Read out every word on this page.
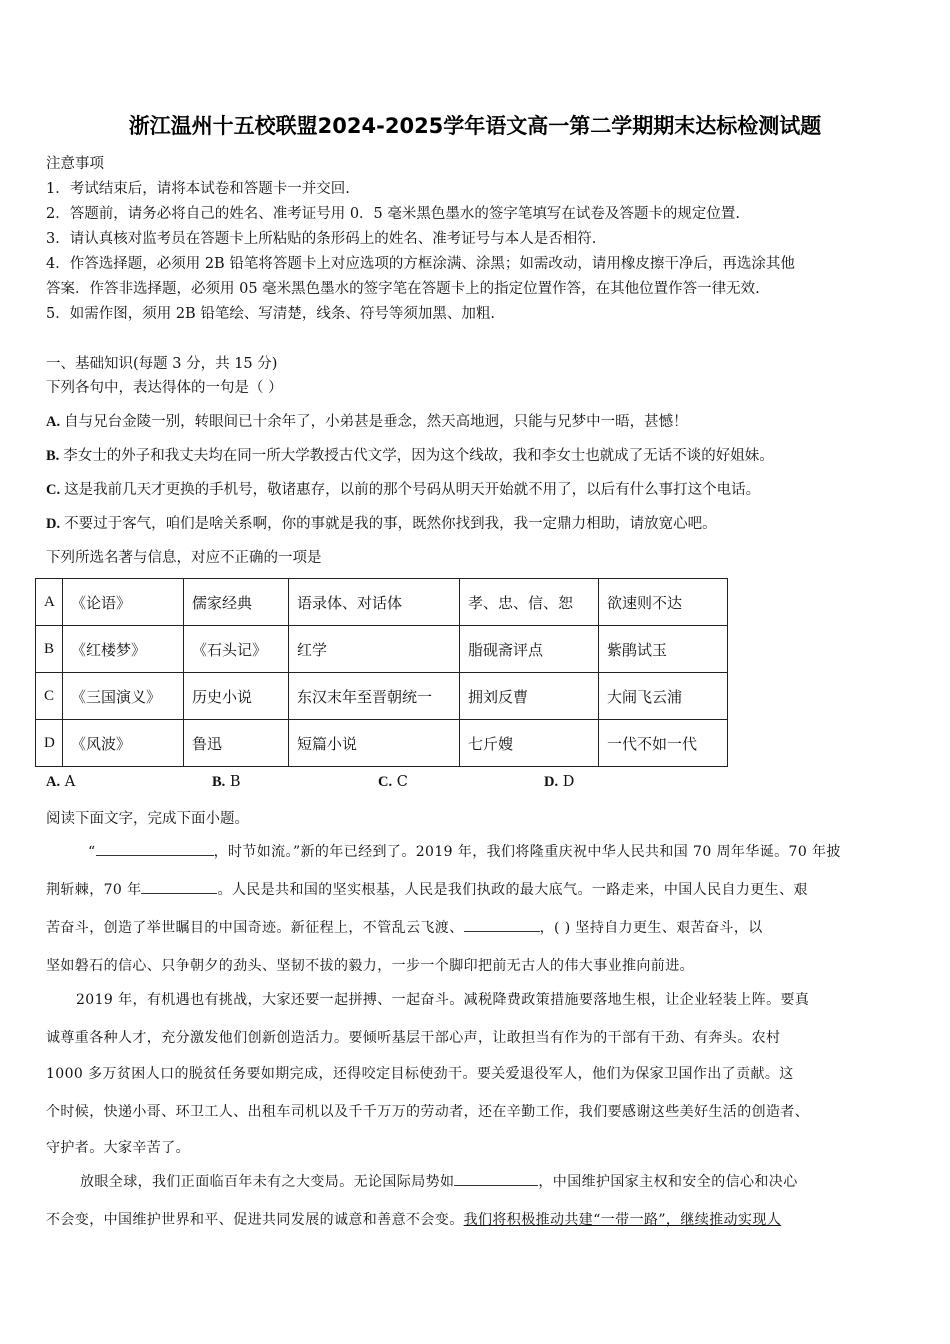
浙江温州十五校联盟2024-2025学年语文高一第二学期期末达标检测试题
注意事项
1．考试结束后，请将本试卷和答题卡一并交回.
2．答题前，请务必将自己的姓名、准考证号用 0．5 毫米黑色墨水的签字笔填写在试卷及答题卡的规定位置.
3．请认真核对监考员在答题卡上所粘贴的条形码上的姓名、准考证号与本人是否相符.
4．作答选择题，必须用 2B 铅笔将答题卡上对应选项的方框涂满、涂黑；如需改动，请用橡皮擦干净后，再选涂其他
答案．作答非选择题，必须用 05 毫米黑色墨水的签字笔在答题卡上的指定位置作答，在其他位置作答一律无效.
5．如需作图，须用 2B 铅笔绘、写清楚，线条、符号等须加黑、加粗.
一、基础知识(每题 3 分，共 15 分)
下列各句中，表达得体的一句是（ ）
A. 自与兄台金陵一别，转眼间已十余年了，小弟甚是垂念，然天高地迥，只能与兄梦中一晤，甚憾！
B. 李女士的外子和我丈夫均在同一所大学教授古代文学，因为这个线故，我和李女士也就成了无话不谈的好姐妹。
C. 这是我前几天才更换的手机号，敬诸惠存，以前的那个号码从明天开始就不用了，以后有什么事打这个电话。
D. 不要过于客气，咱们是啥关系啊，你的事就是我的事，既然你找到我，我一定鼎力相助，请放宽心吧。
下列所选名著与信息，对应不正确的一项是
A	《论语》	儒家经典	语录体、对话体	孝、忠、信、恕	欲速则不达
B	《红楼梦》	《石头记》	红学	脂砚斋评点	紫鹃试玉
C	《三国演义》	历史小说	东汉末年至晋朝统一	拥刘反曹	大闹飞云浦
D	《风波》	鲁迅	短篇小说	七斤嫂	一代不如一代
A. A	B. B	C. C	D. D
阅读下面文字，完成下面小题。
“	，时节如流。”新的年已经到了。2019 年，我们将隆重庆祝中华人民共和国 70 周年华诞。70 年披
荆斩棘，70 年	。人民是共和国的坚实根基，人民是我们执政的最大底气。一路走来，中国人民自力更生、艰
苦奋斗，创造了举世瞩目的中国奇迹。新征程上，不管乱云飞渡、	，( ) 坚持自力更生、艰苦奋斗，以
坚如磐石的信心、只争朝夕的劲头、坚韧不拔的毅力，一步一个脚印把前无古人的伟大事业推向前进。
2019 年，有机遇也有挑战，大家还要一起拼搏、一起奋斗。减税降费政策措施要落地生根，让企业轻装上阵。要真
诚尊重各种人才，充分激发他们创新创造活力。要倾听基层干部心声，让敢担当有作为的干部有干劲、有奔头。农村
1000 多万贫困人口的脱贫任务要如期完成，还得咬定目标使劲干。要关爱退役军人，他们为保家卫国作出了贡献。这
个时候，快递小哥、环卫工人、出租车司机以及千千万万的劳动者，还在辛勤工作，我们要感谢这些美好生活的创造者、
守护者。大家辛苦了。
放眼全球，我们正面临百年未有之大变局。无论国际局势如	，中国维护国家主权和安全的信心和决心
不会变，中国维护世界和平、促进共同发展的诚意和善意不会变。我们将积极推动共建“一带一路”，继续推动实现人
